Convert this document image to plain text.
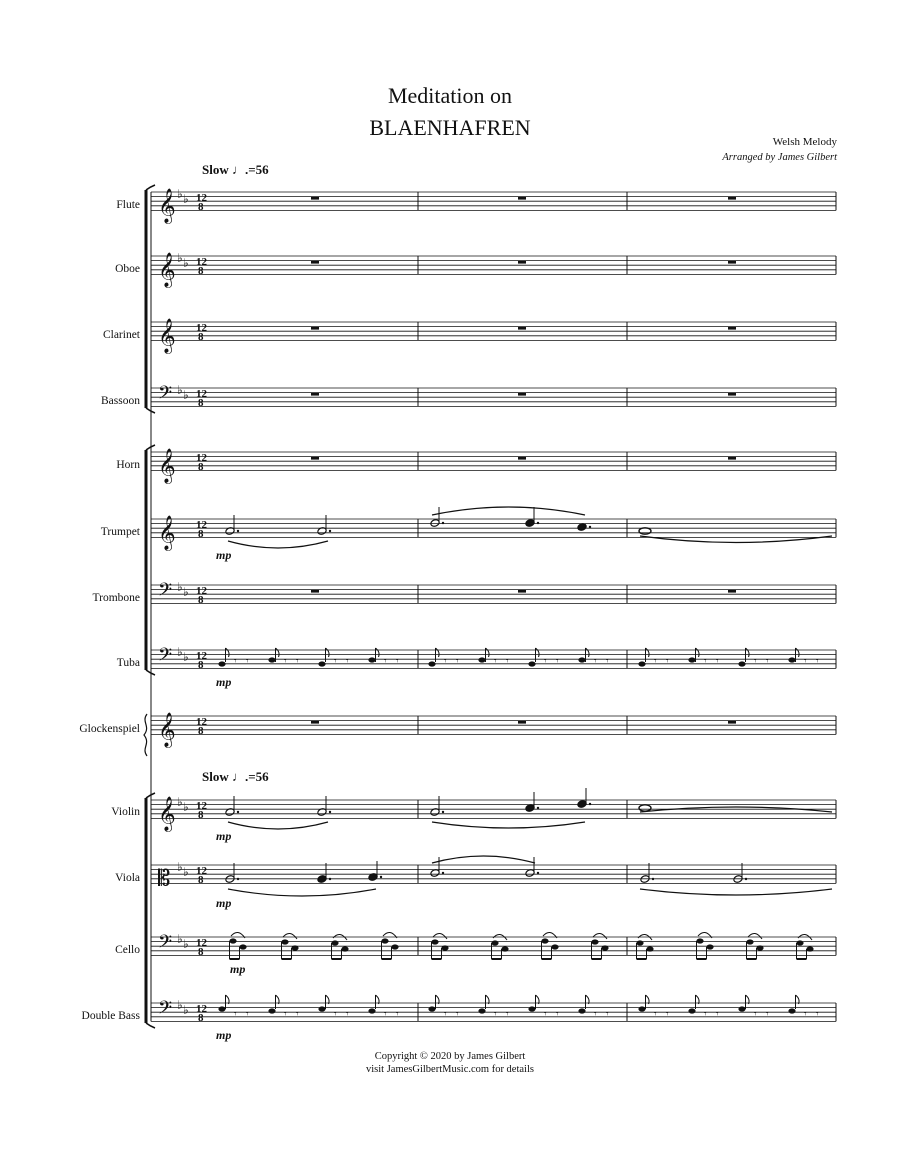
Meditation on
BLAENHAFREN
Welsh Melody
Arranged by James Gilbert
Slow ♩.=56
Slow ♩.=56
Flute
Oboe
Clarinet
Bassoon
Horn
Trumpet
Trombone
Tuba
Glockenspiel
Violin
Viola
Cello
Double Bass
𝄞 ♭ ♭ 12
8
𝄞 ♭ ♭ 12
8
𝄞 12
8
𝄢 ♭ ♭ 12
8
𝄞 12
8
𝄞 12
8
𝄢 ♭ ♭ 12
8
𝄢 ♭ ♭ 12
8
𝄞 12
8
𝄞 ♭ ♭ 12
8
𝄡 ♭ ♭ 12
8
𝄢 ♭ ♭ 12
8
𝄢 ♭ ♭ 12
8
mp
mp
mp
𝄾 𝄾	𝄾 𝄾	𝄾 𝄾	𝄾 𝄾	𝄾 𝄾	𝄾 𝄾	𝄾 𝄾	𝄾 𝄾	𝄾 𝄾	𝄾 𝄾	𝄾 𝄾	𝄾 𝄾
mp
mp
𝄾 𝄾	𝄾 𝄾	𝄾 𝄾	𝄾 𝄾	𝄾 𝄾	𝄾 𝄾	𝄾 𝄾	𝄾 𝄾	𝄾 𝄾	𝄾 𝄾	𝄾 𝄾	𝄾 𝄾
mp
Copyright © 2020 by James Gilbert
visit JamesGilbertMusic.com for details
